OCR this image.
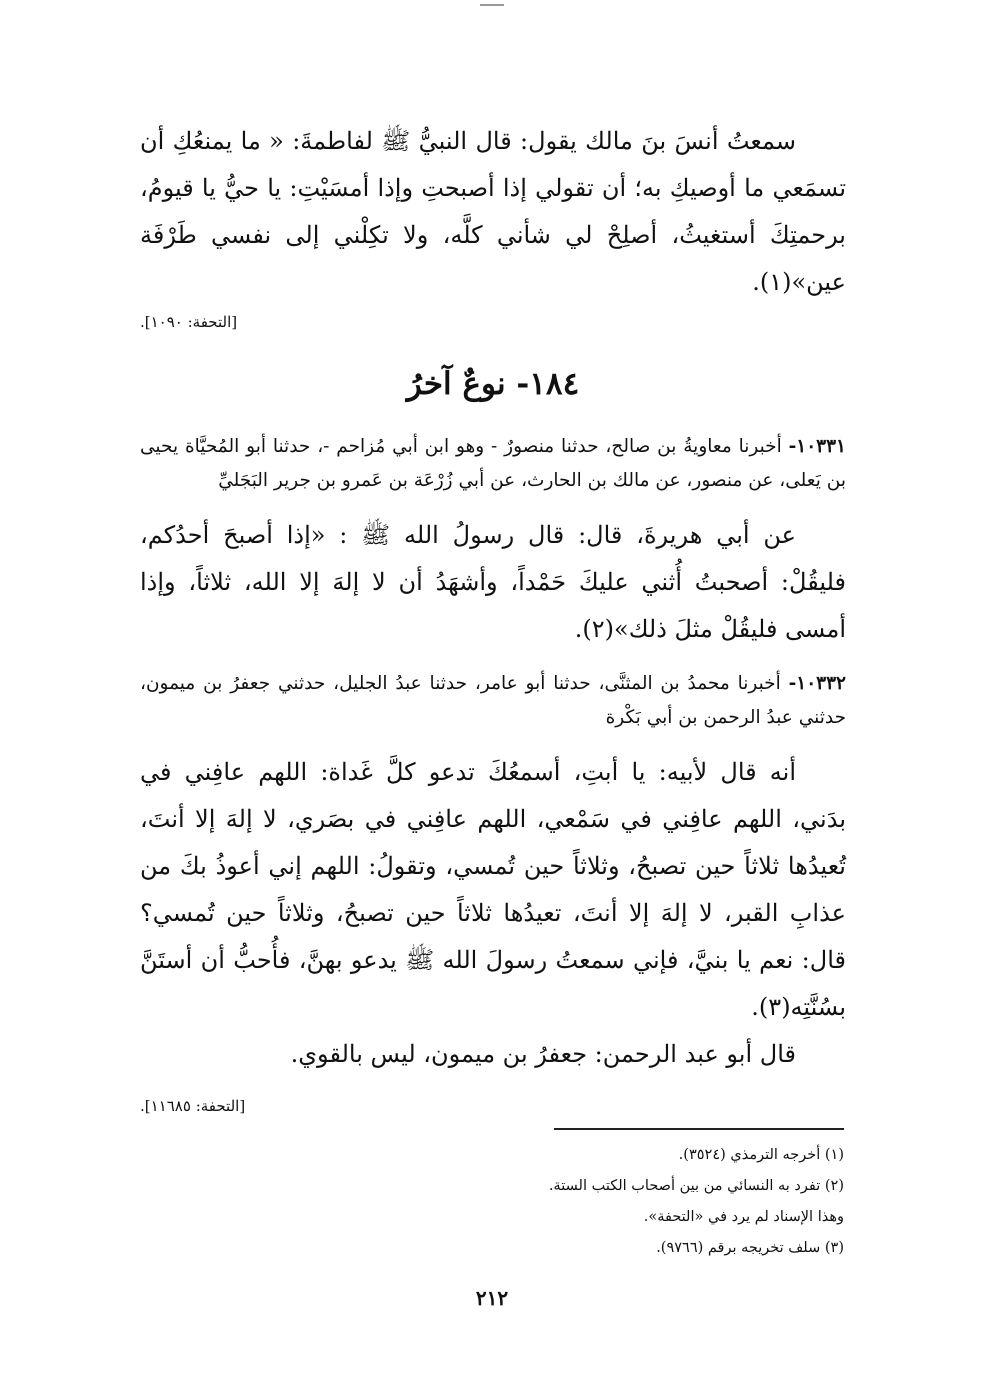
سمعتُ أنسَ بنَ مالك يقول: قال النبيُّ ﷺ لفاطمةَ: « ما يمنعُكِ أن تسمَعي ما أوصيكِ به؛ أن تقولي إذا أصبحتِ وإذا أمسَيْتِ: يا حيُّ يا قيومُ، برحمتِكَ أستغيثُ، أصلِحْ لي شأني كلَّه، ولا تكِلْني إلى نفسي طَرْفَة عين»(١).

[التحفة: ١٠٩٠].

١٨٤- نوعٌ آخرُ

١٠٣٣١- أخبرنا معاويةُ بن صالح، حدثنا منصورٌ - وهو ابن أبي مُزاحم -، حدثنا أبو المُحيَّاة يحيى بن يَعلى، عن منصور، عن مالك بن الحارث، عن أبي زُرْعَة بن عَمرو بن جرير البَجَليِّ

عن أبي هريرةَ، قال: قال رسولُ الله ﷺ : «إذا أصبحَ أحدُكم، فليقُلْ: أصحبتُ أُثني عليكَ حَمْداً، وأشهَدُ أن لا إلهَ إلا الله، ثلاثاً، وإذا أمسى فليقُلْ مثلَ ذلك»(٢).

١٠٣٣٢- أخبرنا محمدُ بن المثنَّى، حدثنا أبو عامر، حدثنا عبدُ الجليل، حدثني جعفرُ بن ميمون، حدثني عبدُ الرحمن بن أبي بَكْرة

أنه قال لأبيه: يا أبتِ، أسمعُكَ تدعو كلَّ غَداة: اللهم عافِني في بدَني، اللهم عافِني في سَمْعي، اللهم عافِني في بصَري، لا إلهَ إلا أنتَ، تُعيدُها ثلاثاً حين تصبحُ، وثلاثاً حين تُمسي، وتقولُ: اللهم إني أعوذُ بكَ من عذابِ القبر، لا إلهَ إلا أنتَ، تعيدُها ثلاثاً حين تصبحُ، وثلاثاً حين تُمسي؟ قال: نعم يا بنيَّ، فإني سمعتُ رسولَ الله ﷺ يدعو بهنَّ، فأُحبُّ أن أستَنَّ بسُنَّتِه(٣).

قال أبو عبد الرحمن: جعفرُ بن ميمون، ليس بالقوي.

[التحفة: ١١٦٨٥].

(١) أخرجه الترمذي (٣٥٢٤).
(٢) تفرد به النسائي من بين أصحاب الكتب الستة.
وهذا الإسناد لم يرد في «التحفة».
(٣) سلف تخريجه برقم (٩٧٦٦).
٢١٢
